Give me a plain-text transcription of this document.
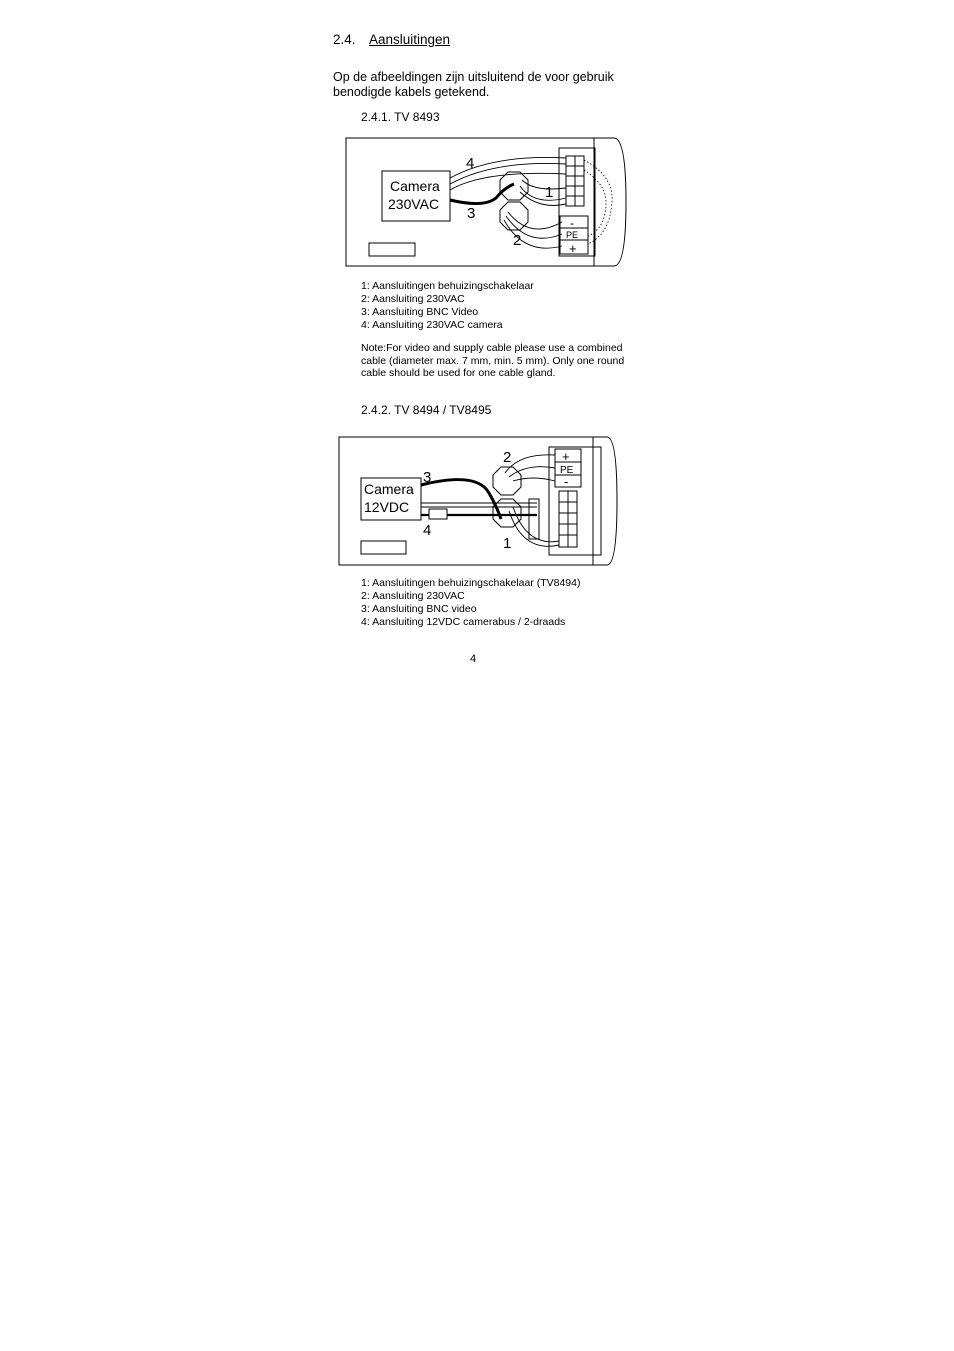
2.4. Aansluitingen
Op de afbeeldingen zijn uitsluitend de voor gebruik benodigde kabels getekend.
2.4.1. TV 8493
-
PE
+
Camera
230VAC
4
1
3
2
1: Aansluitingen behuizingschakelaar
2: Aansluiting 230VAC
3: Aansluiting BNC Video
4: Aansluiting 230VAC camera
Note:For video and supply cable please use a combined cable (diameter max. 7 mm, min. 5 mm). Only one round cable should be used for one cable gland.
2.4.2. TV 8494 / TV8495
+
PE
-
Camera
12VDC
2
3
4
1
1: Aansluitingen behuizingschakelaar (TV8494)
2: Aansluiting 230VAC
3: Aansluiting BNC video
4: Aansluiting 12VDC camerabus / 2-draads
4
